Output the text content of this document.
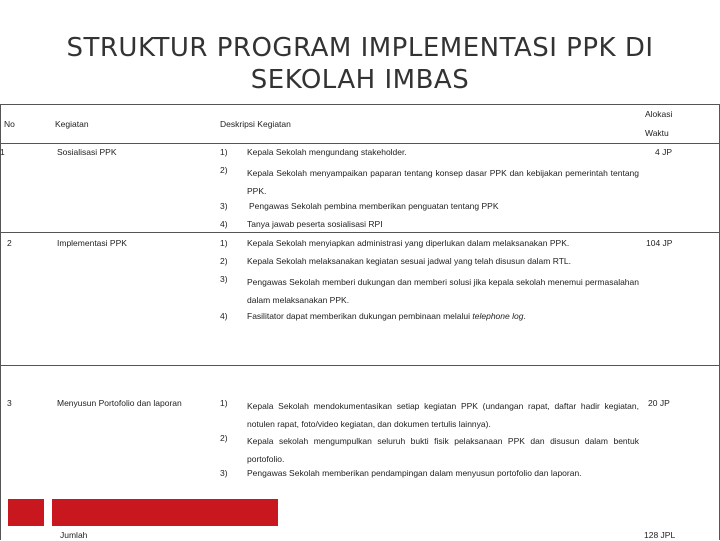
STRUKTUR PROGRAM IMPLEMENTASI PPK DI SEKOLAH IMBAS
No	Kegiatan	Deskripsi Kegiatan
Alokasi
Waktu
1	Sosialisasi PPK	4 JP
1) Kepala Sekolah mengundang stakeholder.
2) Kepala Sekolah menyampaikan paparan tentang konsep dasar PPK dan kebijakan pemerintah tentang PPK.
3)	Pengawas Sekolah pembina memberikan penguatan tentang PPK
4) Tanya jawab peserta sosialisasi RPI
2	Implementasi PPK	104 JP
1) Kepala Sekolah menyiapkan administrasi yang diperlukan dalam melaksanakan PPK.
2) Kepala Sekolah melaksanakan kegiatan sesuai jadwal yang telah disusun dalam RTL.
3) Pengawas Sekolah memberi dukungan dan memberi solusi jika kepala sekolah menemui permasalahan dalam melaksanakan PPK.
4) Fasilitator dapat memberikan dukungan pembinaan melalui telephone log.
3	Menyusun Portofolio dan laporan	20 JP
1) Kepala Sekolah mendokumentasikan setiap kegiatan PPK (undangan rapat, daftar hadir kegiatan, notulen rapat, foto/video kegiatan, dan dokumen tertulis lainnya).
2) Kepala sekolah mengumpulkan seluruh bukti fisik pelaksanaan PPK dan disusun dalam bentuk portofolio.
3) Pengawas Sekolah memberikan pendampingan dalam menyusun portofolio dan laporan.
Jumlah	128 JPL
